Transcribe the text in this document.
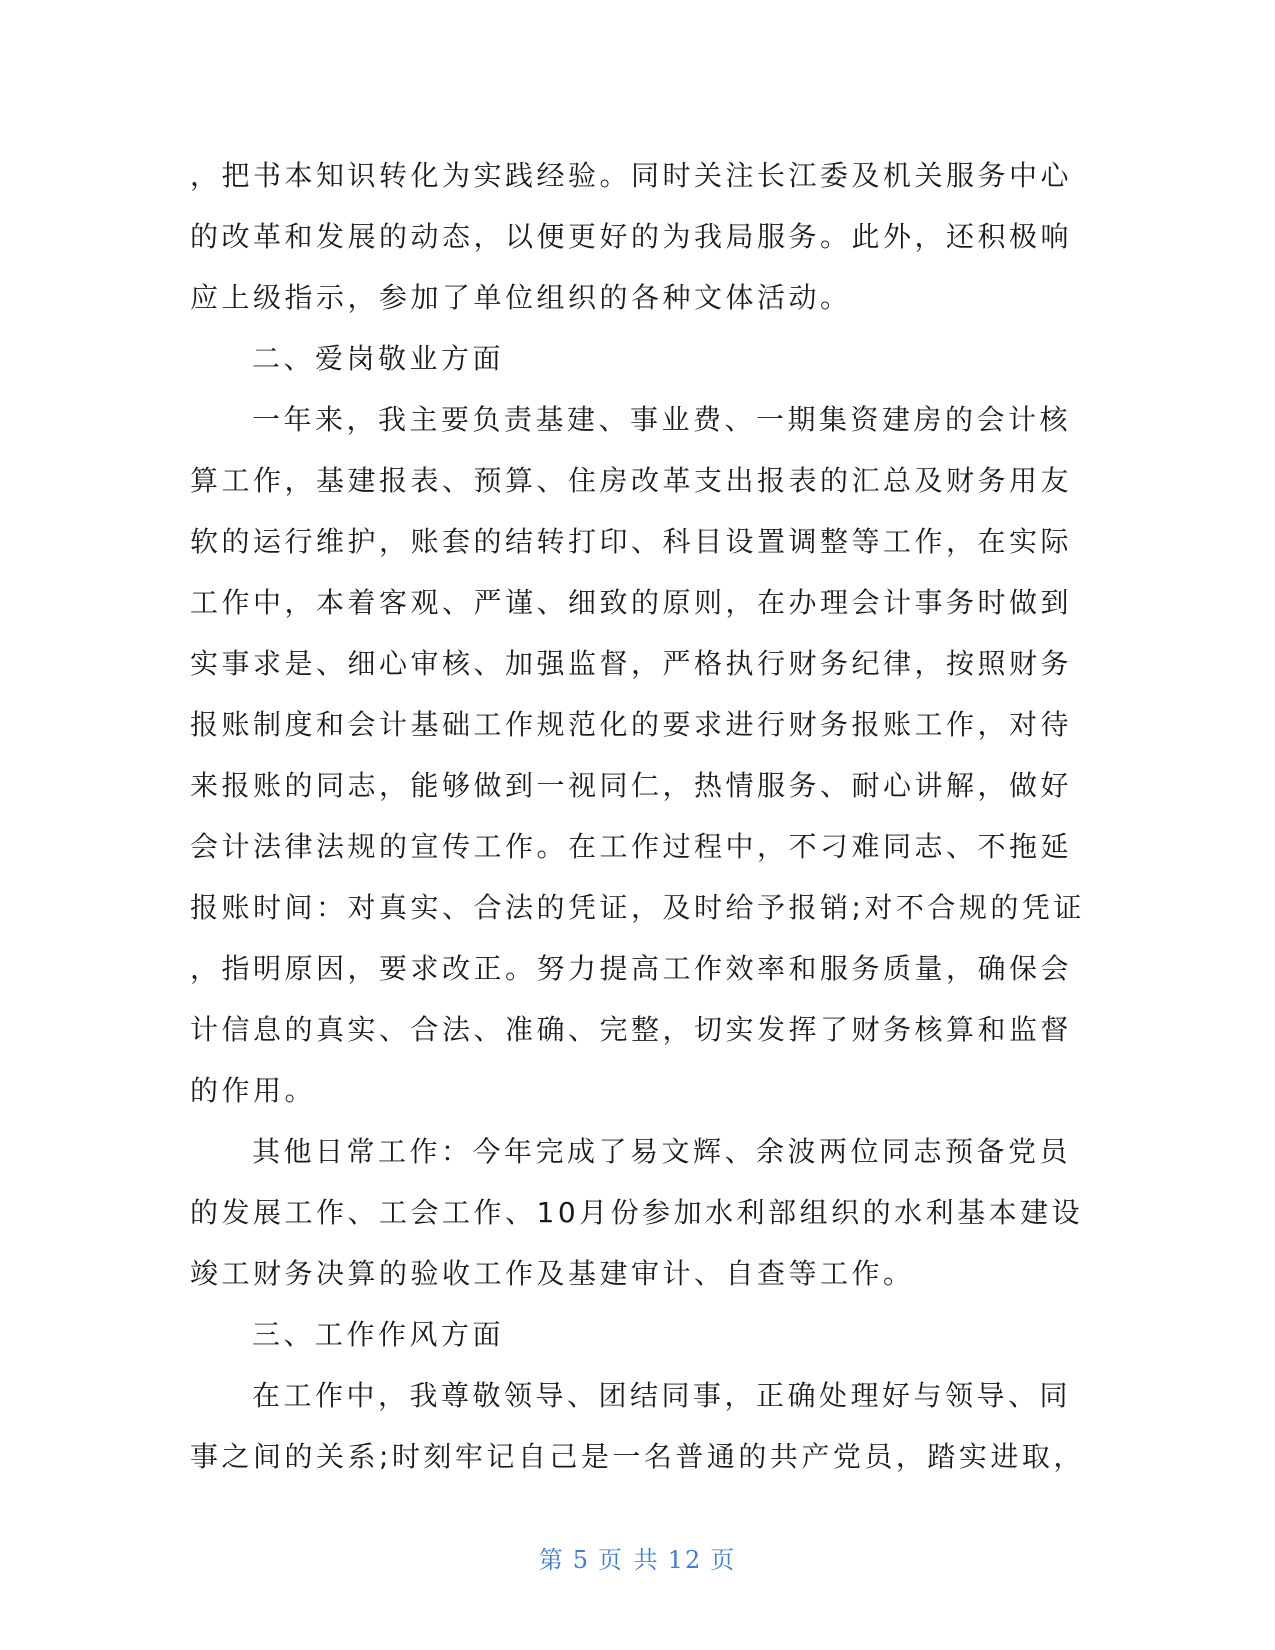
，把书本知识转化为实践经验。同时关注长江委及机关服务中心
的改革和发展的动态，以便更好的为我局服务。此外，还积极响
应上级指示，参加了单位组织的各种文体活动。
二、爱岗敬业方面
一年来，我主要负责基建、事业费、一期集资建房的会计核
算工作，基建报表、预算、住房改革支出报表的汇总及财务用友
软的运行维护，账套的结转打印、科目设置调整等工作，在实际
工作中，本着客观、严谨、细致的原则，在办理会计事务时做到
实事求是、细心审核、加强监督，严格执行财务纪律，按照财务
报账制度和会计基础工作规范化的要求进行财务报账工作，对待
来报账的同志，能够做到一视同仁，热情服务、耐心讲解，做好
会计法律法规的宣传工作。在工作过程中，不刁难同志、不拖延
报账时间：对真实、合法的凭证，及时给予报销;对不合规的凭证
，指明原因，要求改正。努力提高工作效率和服务质量，确保会
计信息的真实、合法、准确、完整，切实发挥了财务核算和监督
的作用。
其他日常工作：今年完成了易文辉、余波两位同志预备党员
的发展工作、工会工作、10月份参加水利部组织的水利基本建设
竣工财务决算的验收工作及基建审计、自查等工作。
三、工作作风方面
在工作中，我尊敬领导、团结同事，正确处理好与领导、同
事之间的关系;时刻牢记自己是一名普通的共产党员，踏实进取，
第 5 页 共 12 页
